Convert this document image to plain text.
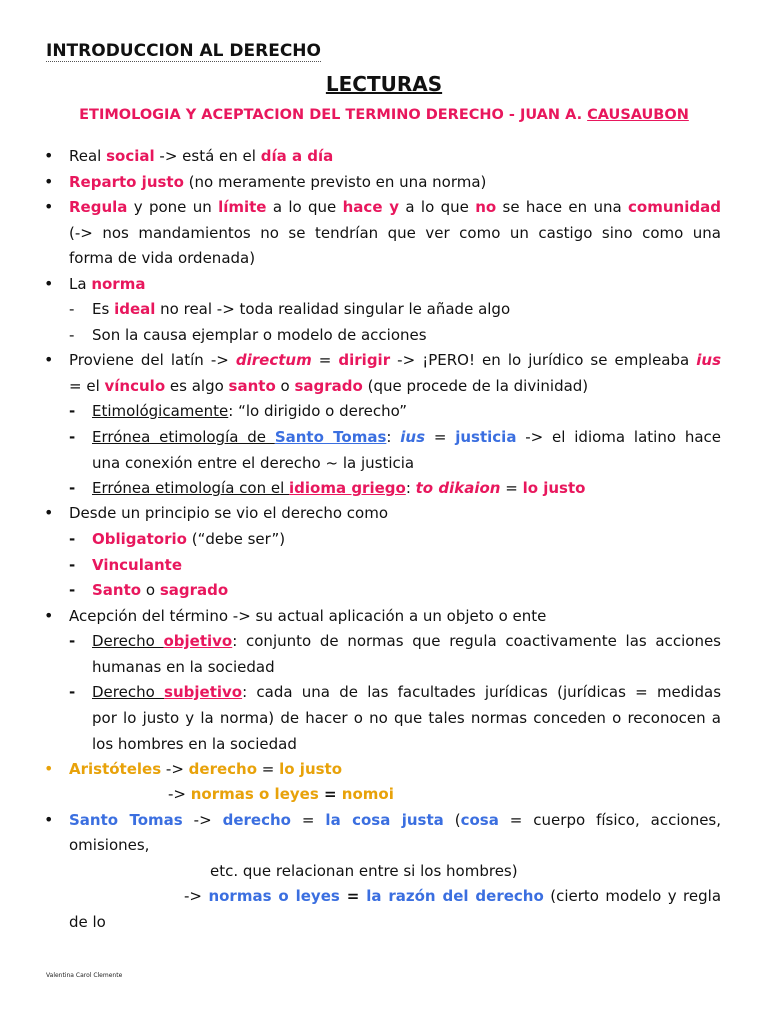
INTRODUCCION AL DERECHO
LECTURAS
ETIMOLOGIA Y ACEPTACION DEL TERMINO DERECHO - JUAN A. CAUSAUBON
• Real social -> está en el día a día
• Reparto justo (no meramente previsto en una norma)
• Regula y pone un límite a lo que hace y a lo que no se hace en una comunidad
(-> nos mandamientos no se tendrían que ver como un castigo sino como una
forma de vida ordenada)
• La norma
- Es ideal no real -> toda realidad singular le añade algo
- Son la causa ejemplar o modelo de acciones
• Proviene del latín -> directum = dirigir -> ¡PERO! en lo jurídico se empleaba ius
= el vínculo es algo santo o sagrado (que procede de la divinidad)
- Etimológicamente: “lo dirigido o derecho”
- Errónea etimología de Santo Tomas: ius = justicia -> el idioma latino hace
una conexión entre el derecho ~ la justicia
- Errónea etimología con el idioma griego: to dikaion = lo justo
• Desde un principio se vio el derecho como
- Obligatorio (“debe ser”)
- Vinculante
- Santo o sagrado
• Acepción del término -> su actual aplicación a un objeto o ente
- Derecho objetivo: conjunto de normas que regula coactivamente las acciones
humanas en la sociedad
- Derecho subjetivo: cada una de las facultades jurídicas (jurídicas = medidas
por lo justo y la norma) de hacer o no que tales normas conceden o reconocen a
los hombres en la sociedad
• Aristóteles -> derecho = lo justo
-> normas o leyes = nomoi
• Santo Tomas -> derecho = la cosa justa (cosa = cuerpo físico, acciones,
omisiones,
etc. que relacionan entre si los hombres)
-> normas o leyes = la razón del derecho (cierto modelo y regla
de lo
Valentina Carol Clemente
